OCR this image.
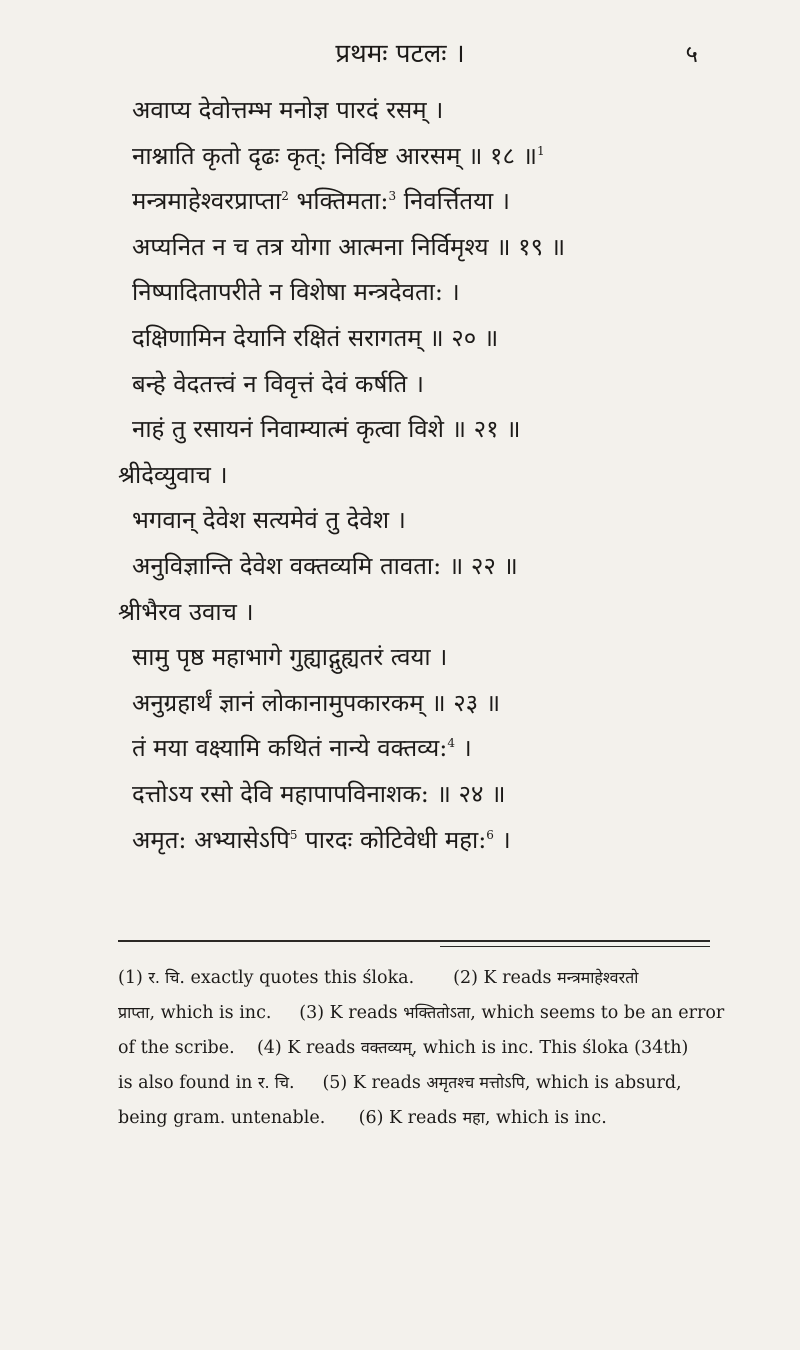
प्रथमः पटलः ।	५
अवाप्य देवोत्तम्भ मनोज्ञ पारदं रसम् ।
नाश्नाति कृतो दृढः कृत्: निर्विष्ट आरसम् ॥ १८ ॥$^1$
मन्त्रमाहेश्वरप्राप्ता$^2$ भक्तिमता:$^3$ निवर्त्तितया ।
अप्यनित न च तत्र योगा आत्मना निर्विमृश्य ॥ १९ ॥
निष्पादितापरीते न विशेषा मन्त्रदेवता: ।
दक्षिणामिन देयानि रक्षितं सरागतम् ॥ २० ॥
बन्हे वेदतत्त्वं न विवृत्तं देवं कर्षति ।
नाहं तु रसायनं निवाम्यात्मं कृत्वा विशे ॥ २१ ॥
श्रीदेव्युवाच ।
भगवान् देवेश सत्यमेवं तु देवेश ।
अनुविज्ञान्ति देवेश वक्तव्यमि तावता: ॥ २२ ॥
श्रीभैरव उवाच ।
सामु पृष्ठ महाभागे गुह्याद्गुह्यतरं त्वया ।
अनुग्रहार्थं ज्ञानं लोकानामुपकारकम् ॥ २३ ॥
तं मया वक्ष्यामि कथितं नान्ये वक्तव्य:$^4$ ।
दत्तोऽय रसो देवि महापापविनाशक: ॥ २४ ॥
अमृत: अभ्यासेऽपि$^5$ पारदः कोटिवेधी महा:$^6$ ।
(1) र. चि. exactly quotes this śloka. (2) K reads मन्त्रमाहेश्वरतो
प्राप्ता, which is inc. (3) K reads भक्तितोऽता, which seems to be an error
of the scribe. (4) K reads वक्तव्यम्, which is inc. This śloka (34th)
is also found in र. चि. (5) K reads अमृतश्च मत्तोऽपि, which is absurd,
being gram. untenable. (6) K reads महा, which is inc.
